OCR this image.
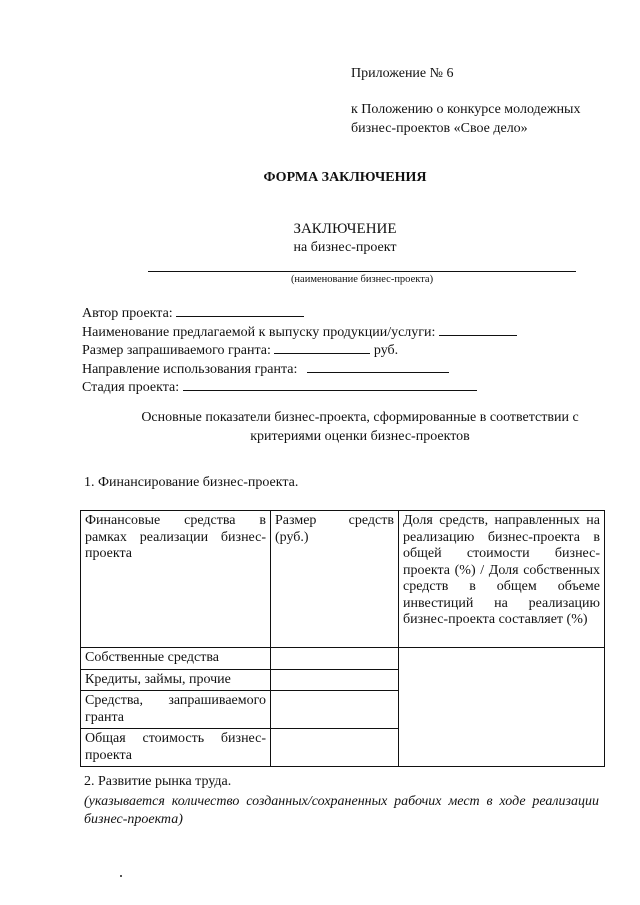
Приложение № 6
к Положению о конкурсе молодежных
бизнес-проектов «Свое дело»
ФОРМА ЗАКЛЮЧЕНИЯ
ЗАКЛЮЧЕНИЕ
на бизнес-проект
(наименование бизнес-проекта)
Автор проекта:
Наименование предлагаемой к выпуску продукции/услуги:
Размер запрашиваемого гранта:	руб.
Направление использования гранта:
Стадия проекта:
Основные показатели бизнес-проекта, сформированные в соответствии с
критериями оценки бизнес-проектов
1. Финансирование бизнес-проекта.
Финансовые средства в рамках реализации бизнес-проекта	Размер средств (руб.)	Доля средств, направленных на реализацию бизнес-проекта в общей стоимости бизнес-проекта (%) / Доля собственных средств в общем объеме инвестиций на реализацию бизнес-проекта составляет (%)
Собственные средства		
Кредиты, займы, прочие		
Средства, запрашиваемого гранта		
Общая стоимость бизнес-проекта		
2. Развитие рынка труда.
(указывается количество созданных/сохраненных рабочих мест в ходе реализации бизнес-проекта)
